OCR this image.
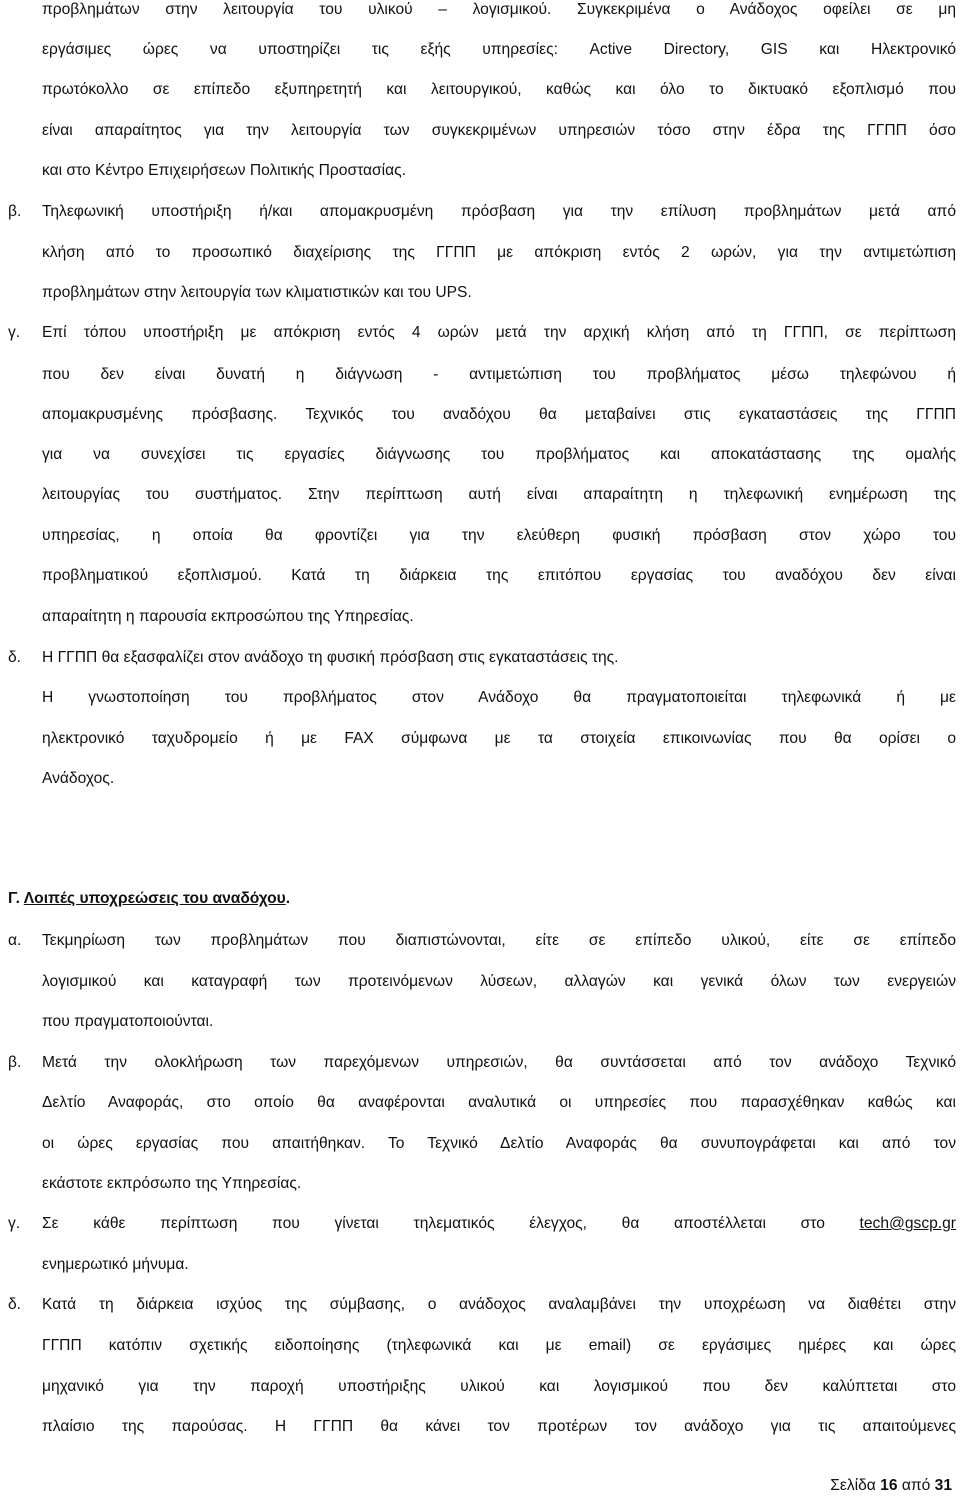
προβλημάτων στην λειτουργία του υλικού – λογισμικού. Συγκεκριμένα ο Ανάδοχος οφείλει σε μη
εργάσιμες ώρες να υποστηρίζει τις εξής υπηρεσίες: Active Directory, GIS και Ηλεκτρονικό
πρωτόκολλο σε επίπεδο εξυπηρετητή και λειτουργικού, καθώς και όλο το δικτυακό εξοπλισμό που
είναι απαραίτητος για την λειτουργία των συγκεκριμένων υπηρεσιών τόσο στην έδρα της ΓΓΠΠ όσο
και στο Κέντρο Επιχειρήσεων Πολιτικής Προστασίας.
β. Τηλεφωνική υποστήριξη ή/και απομακρυσμένη πρόσβαση για την επίλυση προβλημάτων μετά από
κλήση από το προσωπικό διαχείρισης της ΓΓΠΠ με απόκριση εντός 2 ωρών, για την αντιμετώπιση
προβλημάτων στην λειτουργία των κλιματιστικών και του UPS.
γ. Επί τόπου υποστήριξη με απόκριση εντός 4 ωρών μετά την αρχική κλήση από τη ΓΓΠΠ, σε περίπτωση
που δεν είναι δυνατή η διάγνωση - αντιμετώπιση του προβλήματος μέσω τηλεφώνου ή
απομακρυσμένης πρόσβασης. Τεχνικός του αναδόχου θα μεταβαίνει στις εγκαταστάσεις της ΓΓΠΠ
για να συνεχίσει τις εργασίες διάγνωσης του προβλήματος και αποκατάστασης της ομαλής
λειτουργίας του συστήματος. Στην περίπτωση αυτή είναι απαραίτητη η τηλεφωνική ενημέρωση της
υπηρεσίας, η οποία θα φροντίζει για την ελεύθερη φυσική πρόσβαση στον χώρο του
προβληματικού εξοπλισμού. Κατά τη διάρκεια της επιτόπου εργασίας του αναδόχου δεν είναι
απαραίτητη η παρουσία εκπροσώπου της Υπηρεσίας.
δ. Η ΓΓΠΠ θα εξασφαλίζει στον ανάδοχο τη φυσική πρόσβαση στις εγκαταστάσεις της.
Η γνωστοποίηση του προβλήματος στον Ανάδοχο θα πραγματοποιείται τηλεφωνικά ή με
ηλεκτρονικό ταχυδρομείο ή με FAX σύμφωνα με τα στοιχεία επικοινωνίας που θα ορίσει ο
Ανάδοχος.
Γ. Λοιπές υποχρεώσεις του αναδόχου.
α. Τεκμηρίωση των προβλημάτων που διαπιστώνονται, είτε σε επίπεδο υλικού, είτε σε επίπεδο
λογισμικού και καταγραφή των προτεινόμενων λύσεων, αλλαγών και γενικά όλων των ενεργειών
που πραγματοποιούνται.
β. Μετά την ολοκλήρωση των παρεχόμενων υπηρεσιών, θα συντάσσεται από τον ανάδοχο Τεχνικό
Δελτίο Αναφοράς, στο οποίο θα αναφέρονται αναλυτικά οι υπηρεσίες που παρασχέθηκαν καθώς και
οι ώρες εργασίας που απαιτήθηκαν. Το Τεχνικό Δελτίο Αναφοράς θα συνυπογράφεται και από τον
εκάστοτε εκπρόσωπο της Υπηρεσίας.
γ. Σε κάθε περίπτωση που γίνεται τηλεματικός έλεγχος, θα αποστέλλεται στο tech@gscp.gr
ενημερωτικό μήνυμα.
δ. Κατά τη διάρκεια ισχύος της σύμβασης, ο ανάδοχος αναλαμβάνει την υποχρέωση να διαθέτει στην
ΓΓΠΠ κατόπιν σχετικής ειδοποίησης (τηλεφωνικά και με email) σε εργάσιμες ημέρες και ώρες
μηχανικό για την παροχή υποστήριξης υλικού και λογισμικού που δεν καλύπτεται στο
πλαίσιο της παρούσας. Η ΓΓΠΠ θα κάνει τον προτέρων τον ανάδοχο για τις απαιτούμενες
Σελίδα 16 από 31
